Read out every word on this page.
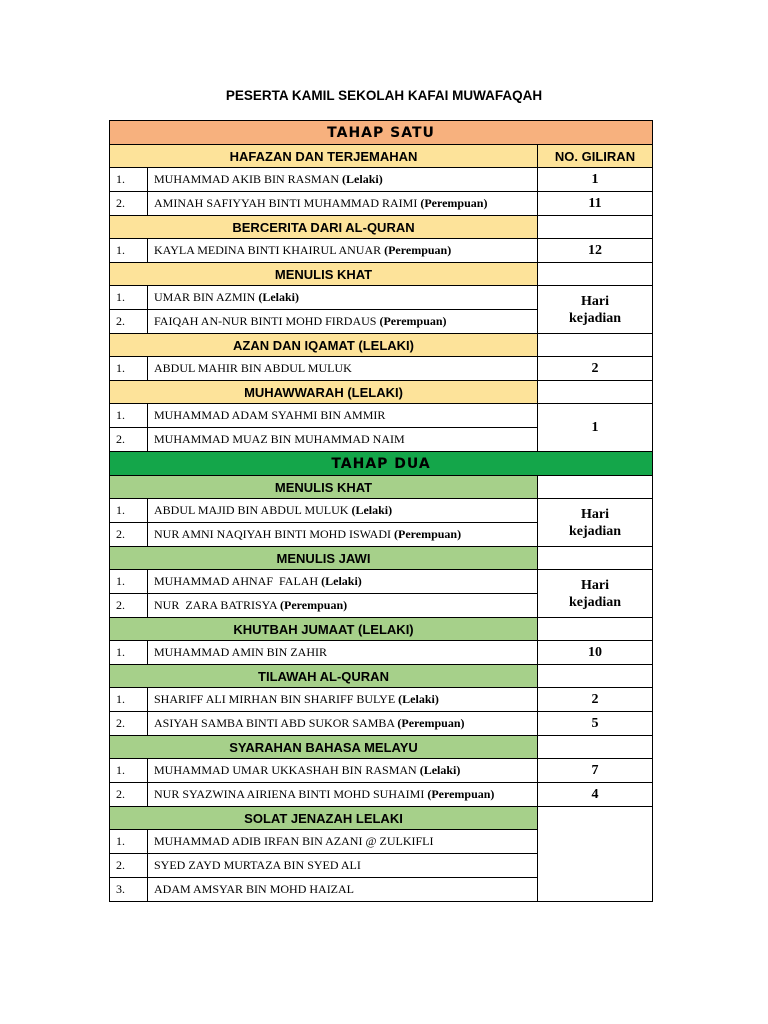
PESERTA KAMIL SEKOLAH KAFAI MUWAFAQAH
TAHAP SATU		
HAFAZAN DAN TERJEMAHAN		NO. GILIRAN
1.	MUHAMMAD AKIB BIN RASMAN (Lelaki)	1
2.	AMINAH SAFIYYAH BINTI MUHAMMAD RAIMI (Perempuan)	11
BERCERITA DARI AL-QURAN		
1.	KAYLA MEDINA BINTI KHAIRUL ANUAR (Perempuan)	12
MENULIS KHAT		
1.	UMAR BIN AZMIN (Lelaki)	Hari
kejadian
2.	FAIQAH AN-NUR BINTI MOHD FIRDAUS (Perempuan)	
AZAN DAN IQAMAT (LELAKI)		
1.	ABDUL MAHIR BIN ABDUL MULUK	2
MUHAWWARAH (LELAKI)		
1.	MUHAMMAD ADAM SYAHMI BIN AMMIR	1
2.	MUHAMMAD MUAZ BIN MUHAMMAD NAIM	
TAHAP DUA		
MENULIS KHAT		
1.	ABDUL MAJID BIN ABDUL MULUK (Lelaki)	Hari
kejadian
2.	NUR AMNI NAQIYAH BINTI MOHD ISWADI (Perempuan)	
MENULIS JAWI		
1.	MUHAMMAD AHNAF  FALAH (Lelaki)	Hari
kejadian
2.	NUR  ZARA BATRISYA (Perempuan)	
KHUTBAH JUMAAT (LELAKI)		
1.	MUHAMMAD AMIN BIN ZAHIR	10
TILAWAH AL-QURAN		
1.	SHARIFF ALI MIRHAN BIN SHARIFF BULYE (Lelaki)	2
2.	ASIYAH SAMBA BINTI ABD SUKOR SAMBA (Perempuan)	5
SYARAHAN BAHASA MELAYU		
1.	MUHAMMAD UMAR UKKASHAH BIN RASMAN (Lelaki)	7
2.	NUR SYAZWINA AIRIENA BINTI MOHD SUHAIMI (Perempuan)	4
SOLAT JENAZAH LELAKI		
1.	MUHAMMAD ADIB IRFAN BIN AZANI @ ZULKIFLI	
2.	SYED ZAYD MURTAZA BIN SYED ALI	
3.	ADAM AMSYAR BIN MOHD HAIZAL	
